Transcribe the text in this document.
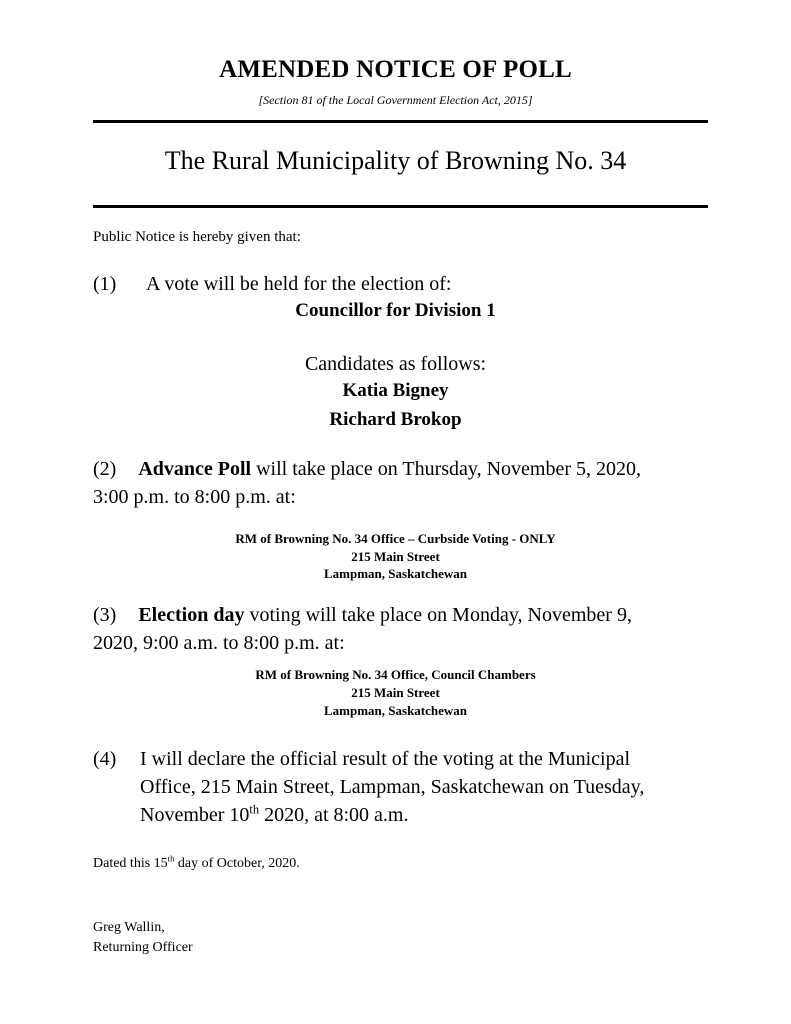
AMENDED NOTICE OF POLL
[Section 81 of the Local Government Election Act, 2015]
The Rural Municipality of Browning No. 34
Public Notice is hereby given that:
(1) A vote will be held for the election of:
Councillor for Division 1
Candidates as follows:
Katia Bigney
Richard Brokop
(2) Advance Poll will take place on Thursday, November 5, 2020,
3:00 p.m. to 8:00 p.m. at:
RM of Browning No. 34 Office – Curbside Voting - ONLY
215 Main Street
Lampman, Saskatchewan
(3) Election day voting will take place on Monday, November 9,
2020, 9:00 a.m. to 8:00 p.m. at:
RM of Browning No. 34 Office, Council Chambers
215 Main Street
Lampman, Saskatchewan
(4) I will declare the official result of the voting at the Municipal
Office, 215 Main Street, Lampman, Saskatchewan on Tuesday,
November 10th 2020, at 8:00 a.m.
Dated this 15th day of October, 2020.
Greg Wallin,
Returning Officer
